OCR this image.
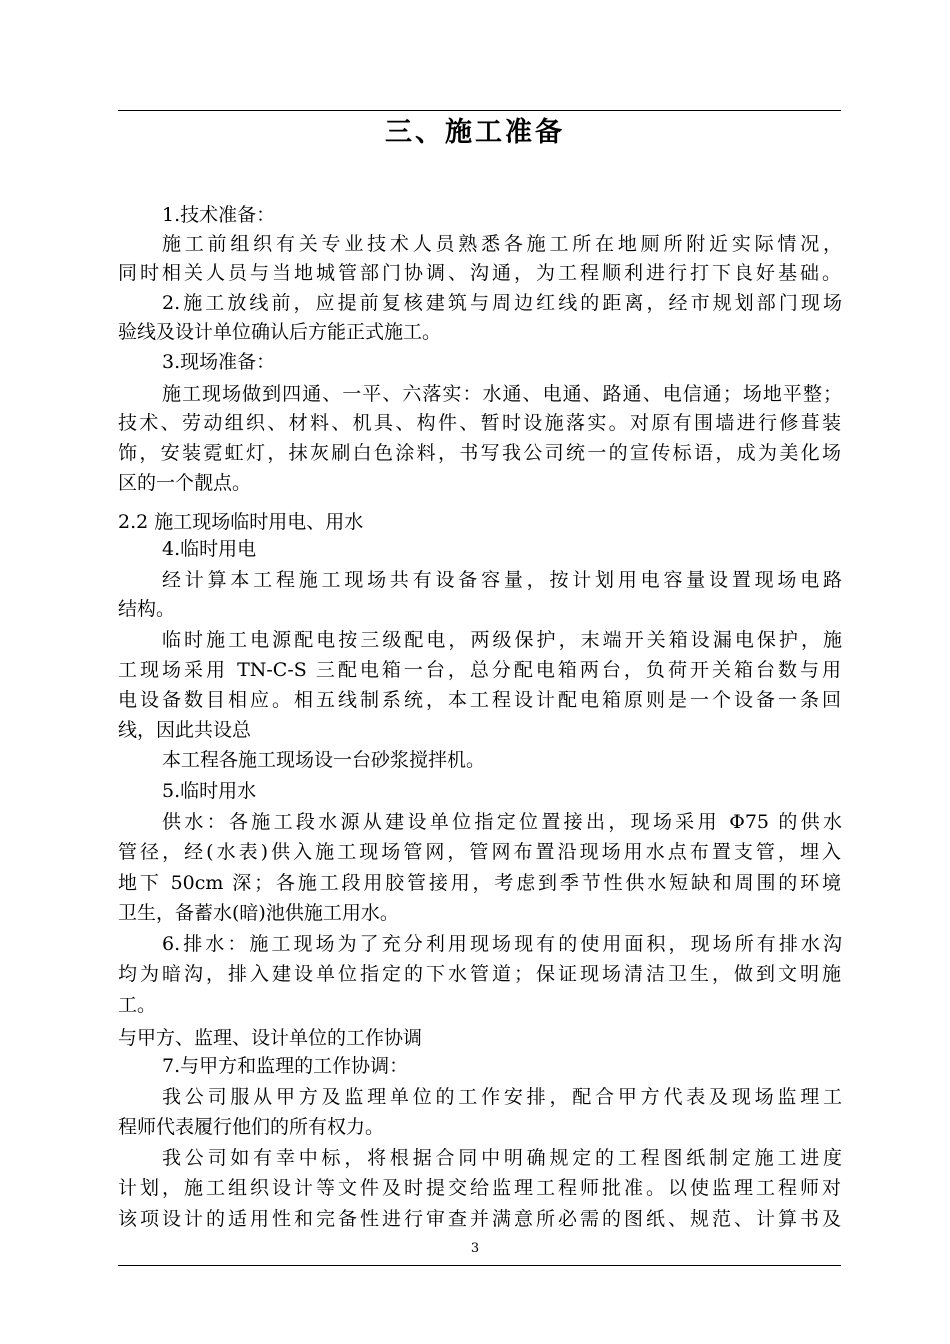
三、施工准备
1.技术准备：
施工前组织有关专业技术人员熟悉各施工所在地厕所附近实际情况，
同时相关人员与当地城管部门协调、沟通，为工程顺利进行打下良好基础。
2.施工放线前，应提前复核建筑与周边红线的距离，经市规划部门现场
验线及设计单位确认后方能正式施工。
3.现场准备：
施工现场做到四通、一平、六落实：水通、电通、路通、电信通；场地平整；
技术、劳动组织、材料、机具、构件、暂时设施落实。对原有围墙进行修葺装
饰，安装霓虹灯，抹灰刷白色涂料，书写我公司统一的宣传标语，成为美化场
区的一个靓点。
2.2 施工现场临时用电、用水
4.临时用电
经计算本工程施工现场共有设备容量，按计划用电容量设置现场电路
结构。
临时施工电源配电按三级配电，两级保护，末端开关箱设漏电保护，施
工现场采用 TN-C-S 三配电箱一台，总分配电箱两台，负荷开关箱台数与用
电设备数目相应。相五线制系统，本工程设计配电箱原则是一个设备一条回
线，因此共设总
本工程各施工现场设一台砂浆搅拌机。
5.临时用水
供水：各施工段水源从建设单位指定位置接出，现场采用 Φ75 的供水
管径，经(水表)供入施工现场管网，管网布置沿现场用水点布置支管，埋入
地下 50cm 深；各施工段用胶管接用，考虑到季节性供水短缺和周围的环境
卫生，备蓄水(暗)池供施工用水。
6.排水：施工现场为了充分利用现场现有的使用面积，现场所有排水沟
均为暗沟，排入建设单位指定的下水管道；保证现场清洁卫生，做到文明施
工。
与甲方、监理、设计单位的工作协调
7.与甲方和监理的工作协调：
我公司服从甲方及监理单位的工作安排，配合甲方代表及现场监理工
程师代表履行他们的所有权力。
我公司如有幸中标，将根据合同中明确规定的工程图纸制定施工进度
计划，施工组织设计等文件及时提交给监理工程师批准。以使监理工程师对
该项设计的适用性和完备性进行审查并满意所必需的图纸、规范、计算书及
3
